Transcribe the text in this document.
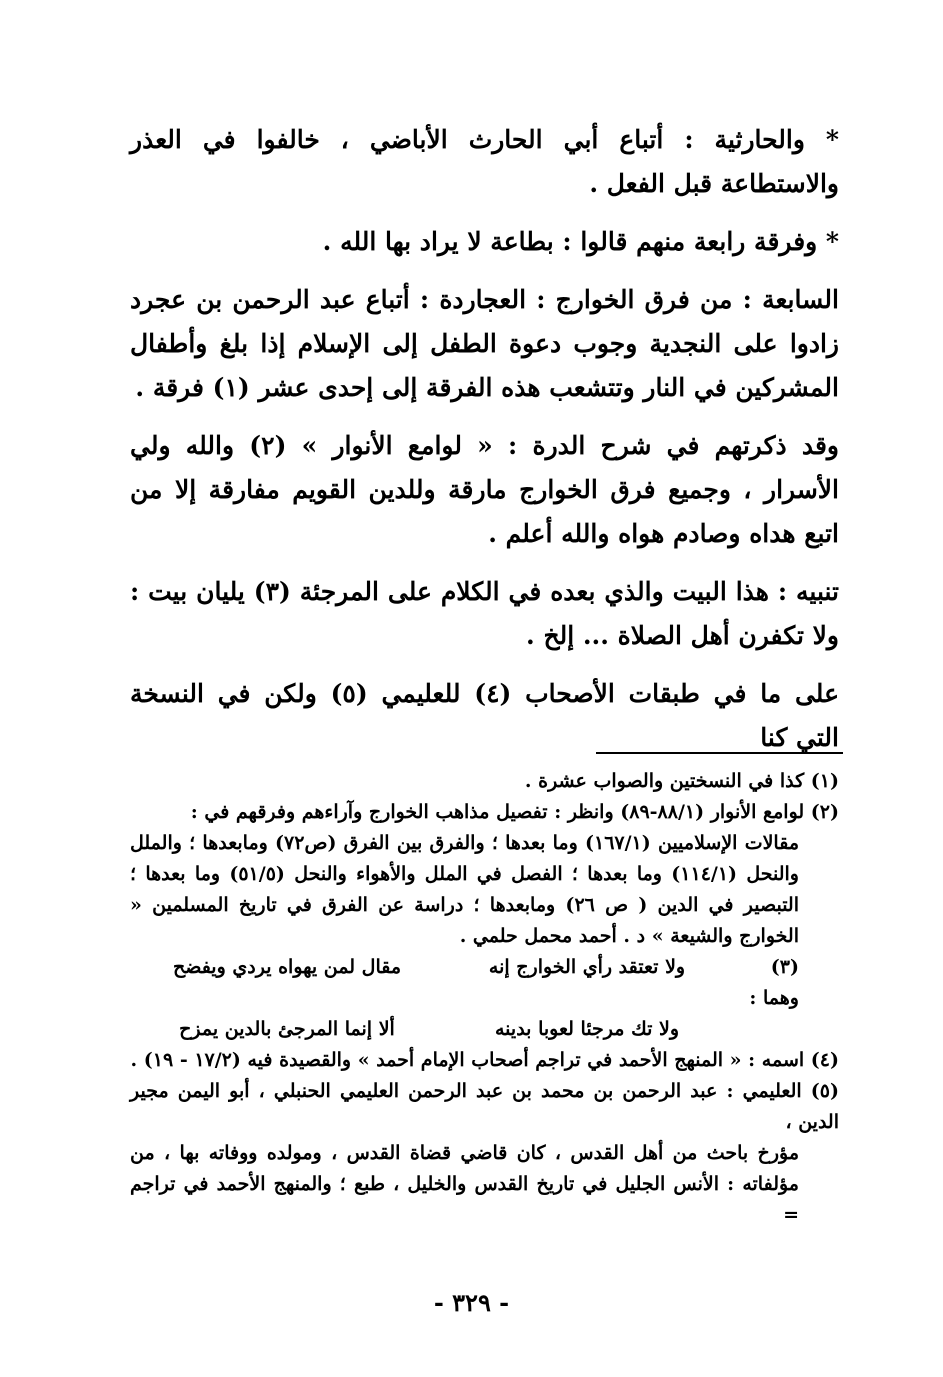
* والحارثية : أتباع أبي الحارث الأباضي ، خالفوا في العذر والاستطاعة قبل الفعل .

* وفرقة رابعة منهم قالوا : بطاعة لا يراد بها الله .

السابعة : من فرق الخوارج : العجاردة : أتباع عبد الرحمن بن عجرد زادوا على النجدية وجوب دعوة الطفل إلى الإسلام إذا بلغ وأطفال المشركين في النار وتتشعب هذه الفرقة إلى إحدى عشر (١) فرقة .

وقد ذكرتهم في شرح الدرة : « لوامع الأنوار » (٢) والله ولي الأسرار ، وجميع فرق الخوارج مارقة وللدين القويم مفارقة إلا من اتبع هداه وصادم هواه والله أعلم .

تنبيه : هذا البيت والذي بعده في الكلام على المرجئة (٣) يليان بيت : ولا تكفرن أهل الصلاة ... إلخ .

على ما في طبقات الأصحاب (٤) للعليمي (٥) ولكن في النسخة التي كنا

(١) كذا في النسختين والصواب عشرة .

(٢) لوامع الأنوار (٨٨/١-٨٩) وانظر : تفصيل مذاهب الخوارج وآراءهم وفرقهم في :

مقالات الإسلاميين (١٦٧/١) وما بعدها ؛ والفرق بين الفرق (ص٧٢) ومابعدها ؛ والملل والنحل (١١٤/١) وما بعدها ؛ الفصل في الملل والأهواء والنحل (٥١/٥) وما بعدها ؛ التبصير في الدين ( ص ٢٦) ومابعدها ؛ دراسة عن الفرق في تاريخ المسلمين « الخوارج والشيعة » د . أحمد محمل حلمي .

(٣) وهما :
ولا تعتقد رأي الخوارج إنه
مقال لمن يهواه يردي ويفضح
ولا تك مرجئا لعوبا بدينه
ألا إنما المرجئ بالدين يمزح

(٤) اسمه : « المنهج الأحمد في تراجم أصحاب الإمام أحمد » والقصيدة فيه (١٧/٢ - ١٩) .

(٥) العليمي : عبد الرحمن بن محمد بن عبد الرحمن العليمي الحنبلي ، أبو اليمن مجير الدين ،

مؤرخ باحث من أهل القدس ، كان قاضي قضاة القدس ، ومولده ووفاته بها ، من مؤلفاته : الأنس الجليل في تاريخ القدس والخليل ، طبع ؛ والمنهج الأحمد في تراجم =

- ٣٢٩ -
